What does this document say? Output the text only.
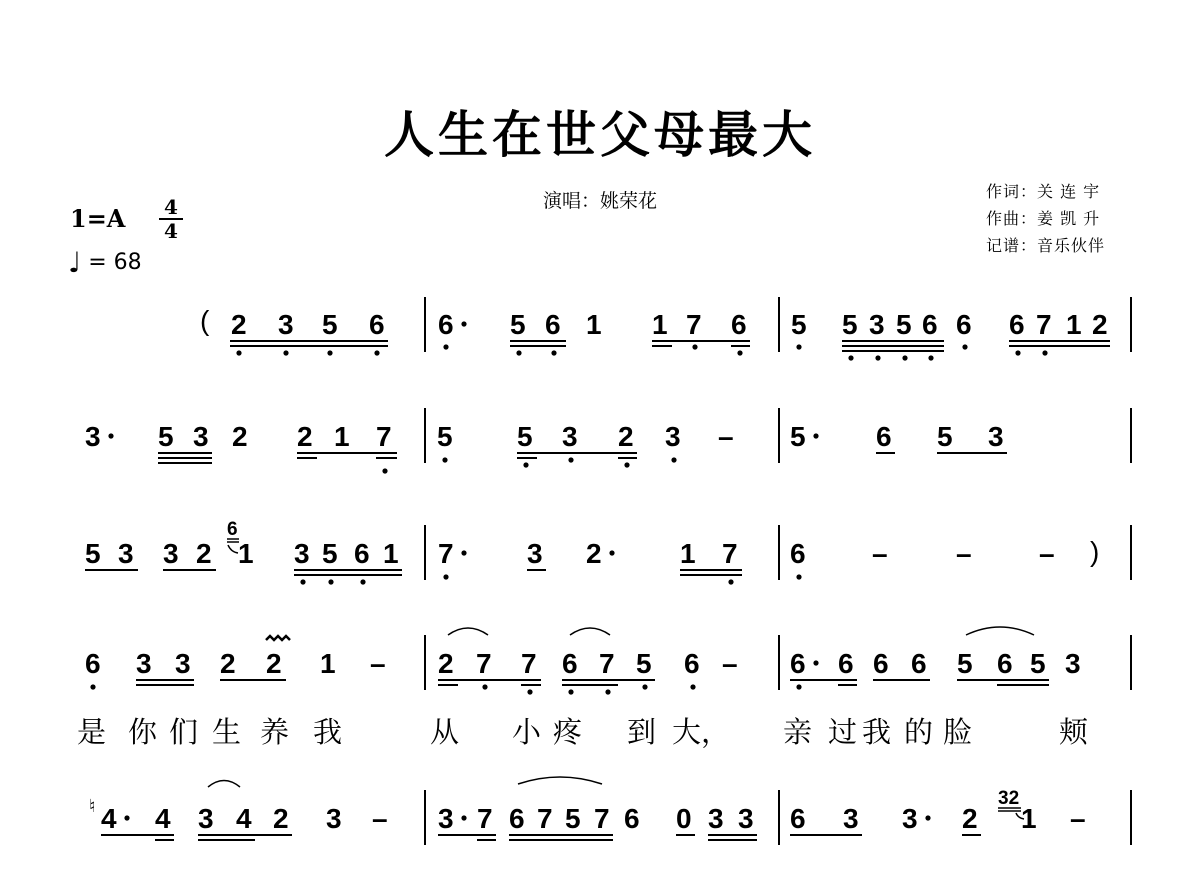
人生在世父母最大
演唱：姚荣花	作词：关 连 宇
作曲：姜 凯 升
记谱：音乐伙伴
1=A	4
4
♩ = 68
( 2 3 5 6 6 5 6 1 1 7 6 5 5 3 5 6 6 6 7 1 2
3 5 3 2 2 1 7 5 5 3 2 3 – 5	6 5 3
5 3 3 2
6
1 3 5 6 1 7	3 2	1 7 6 – – – )
6 3 3 2 2 1 – 2 7 7 6 7 5 6 – 6 6 6 6 5 6 5 3
是 你 们 生 养 我	从 小 疼 到 大， 亲 过 我 的 脸	颊
♮ 4 4 3 4 2 3 – 3 7 6 7 5 7 6 0 3 3 6 3 3 2
32
1 –
